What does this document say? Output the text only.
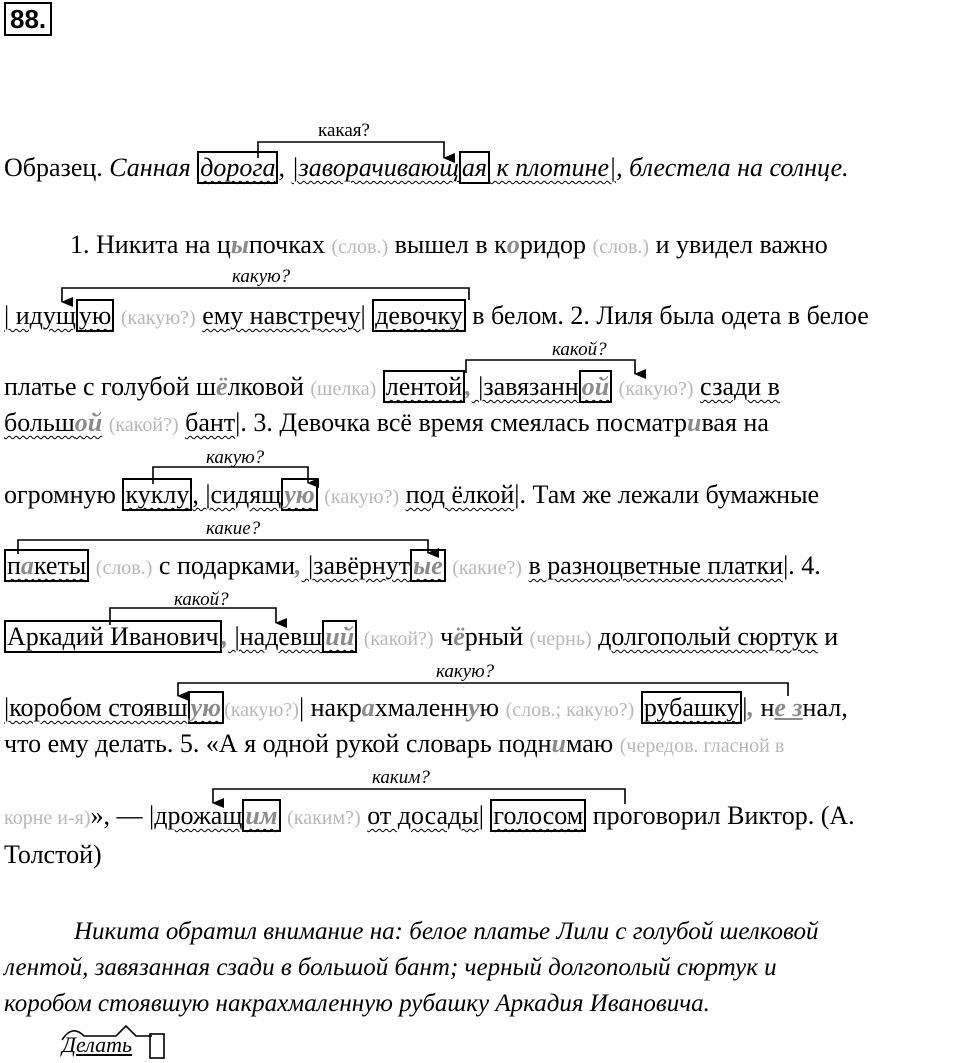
88.
какая?
какую?
какой?
какую?
какие?
какой?
какую?
каким?
Образец. Санная дорога , |заворачивающ ая к плотине|, блестела на солнце.
1. Никита на цыпочках (слов.) вышел в коридор (слов.) и увидел важно
| идущ ую (какую?) ему навстречу| девочку в белом. 2. Лиля была одета в белое
платье с голубой шёлковой (шелка) лентой , |завязанн ой (какую?) сзади в
большой (какой?) бант|. 3. Девочка всё время смеялась посматривая на
огромную куклу , |сидящ ую (какую?) под ёлкой|. Там же лежали бумажные
пакеты (слов.) с подарками, |завёрнут ые (какие?) в разноцветные платки|. 4.
Аркадий Иванович , |надевш ий (какой?) чёрный (чернь) долгополый сюртук и
|коробом стоявш ую (какую?)| накрахмаленную (слов.; какую?) рубашку |, не знал,
что ему делать. 5. «А я одной рукой словарь поднимаю (чередов. гласной в
корне и-я)», — |дрожащ им (каким?) от досады| голосом проговорил Виктор. (А.
Толстой)
Никита обратил внимание на: белое платье Лили с голубой шелковой
лентой, завязанная сзади в большой бант; черный долгополый сюртук и
коробом стоявшую накрахмаленную рубашку Аркадия Ивановича.
Делать
